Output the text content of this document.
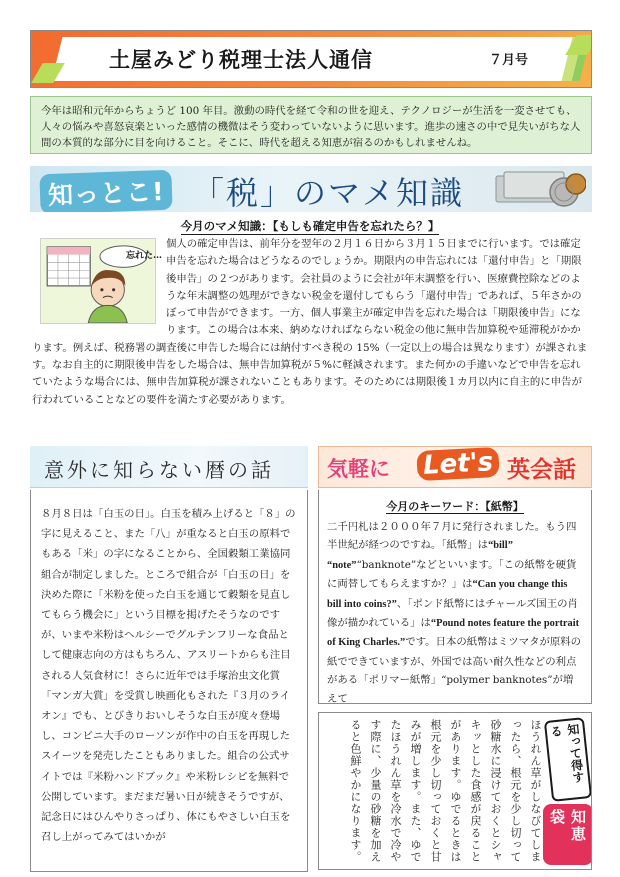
土屋みどり税理士法人通信	７月号
今年は昭和元年からちょうど 100 年目。激動の時代を経て令和の世を迎え、テクノロジーが生活を一変させても、人々の悩みや喜怒哀楽といった感情の機微はそう変わっていないように思います。進歩の速さの中で見失いがちな人間の本質的な部分に目を向けること。そこに、時代を超える知恵が宿るのかもしれませんね。
知っとこ! 「税」のマメ知識
今月のマメ知識：【もしも確定申告を忘れたら？】
忘れた…
個人の確定申告は、前年分を翌年の２月１６日から３月１５日までに行います。では確定申告を忘れた場合はどうなるのでしょうか。期限内の申告忘れには「還付申告」と「期限後申告」の２つがあります。会社員のように会社が年末調整を行い、医療費控除などのような年末調整の処理ができない税金を還付してもらう「還付申告」であれば、５年さかのぼって申告ができます。一方、個人事業主が確定申告を忘れた場合は「期限後申告」になります。この場合は本来、納めなければならない税金の他に無申告加算税や延滞税がかかります。例えば、税務署の調査後に申告した場合には納付すべき税の 15%（一定以上の場合は異なります）が課されます。なお自主的に期限後申告をした場合は、無申告加算税が５%に軽減されます。また何かの手違いなどで申告を忘れていたような場合には、無申告加算税が課されないこともあります。そのためには期限後１カ月以内に自主的に申告が行われていることなどの要件を満たす必要があります。
意外に知らない暦の話
８月８日は「白玉の日」。白玉を積み上げると「８」の字に見えること、また「八」が重なると白玉の原料でもある「米」の字になることから、全国穀類工業協同組合が制定しました。ところで組合が「白玉の日」を決めた際に「米粉を使った白玉を通じて穀類を見直してもらう機会に」という目標を掲げたそうなのですが、いまや米粉はヘルシーでグルテンフリーな食品として健康志向の方はもちろん、アスリートからも注目される人気食材に！さらに近年では手塚治虫文化賞「マンガ大賞」を受賞し映画化もされた『３月のライオン』でも、とびきりおいしそうな白玉が度々登場し、コンビニ大手のローソンが作中の白玉を再現したスイーツを発売したこともありました。組合の公式サイトでは『米粉ハンドブック』や米粉レシピを無料で公開しています。まだまだ暑い日が続きそうですが、記念日にはひんやりさっぱり、体にもやさしい白玉を召し上がってみてはいかが
気軽に Let's 英会話
今月のキーワード：【紙幣】
二千円札は２０００年７月に発行されました。もう四半世紀が経つのですね。「紙幣」は“bill” “note”“banknote”などといいます。「この紙幣を硬貨に両替してもらえますか？」は“Can you change this bill into coins?”、「ポンド紙幣にはチャールズ国王の肖像が描かれている」は“Pound notes feature the portrait of King Charles.”です。日本の紙幣はミツマタが原料の紙でできていますが、外国では高い耐久性などの利点がある「ポリマー紙幣」“polymer banknotes”が増えて
ほうれん草がしなびてしまったら、根元を少し切って砂糖水に浸けておくとシャキッとした食感が戻ることがあります。ゆでるときは根元を少し切っておくと甘みが増します。また、ゆでたほうれん草を冷水で冷やす際に、少量の砂糖を加えると色鮮やかになります。	知って得する
知恵袋
